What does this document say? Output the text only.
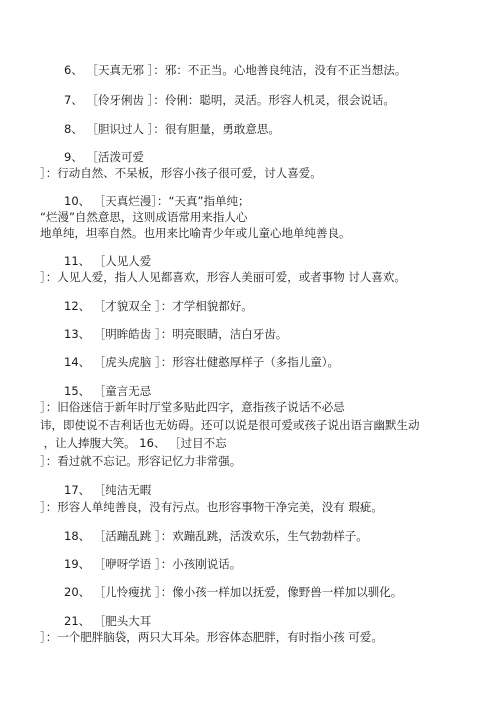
6、 ［天真无邪 ］：邪：不正当。心地善良纯洁，没有不正当想法。
7、 ［伶牙俐齿 ］：伶俐：聪明，灵活。形容人机灵，很会说话。
8、 ［胆识过人 ］：很有胆量，勇敢意思。
9、 ［活泼可爱
］：行动自然、不呆板，形容小孩子很可爱，讨人喜爱。
10、 ［天真烂漫］：“天真”指单纯；
“烂漫”自然意思，这则成语常用来指人心
地单纯，坦率自然。也用来比喻青少年或儿童心地单纯善良。
11、 ［人见人爱
］：人见人爱，指人人见都喜欢，形容人美丽可爱，或者事物 讨人喜欢。
12、 ［才貌双全 ］：才学相貌都好。
13、 ［明眸皓齿 ］：明亮眼睛，洁白牙齿。
14、 ［虎头虎脑 ］：形容壮健憨厚样子（多指儿童）。
15、 ［童言无忌
］：旧俗迷信于新年时厅堂多贴此四字，意指孩子说话不必忌
讳，即使说不吉利话也无妨碍。还可以说是很可爱或孩子说出语言幽默生动
，让人捧腹大笑。 16、 ［过目不忘
］：看过就不忘记。形容记忆力非常强。
17、 ［纯洁无暇
］：形容人单纯善良，没有污点。也形容事物干净完美，没有 瑕疵。
18、 ［活蹦乱跳 ］：欢蹦乱跳，活泼欢乐，生气勃勃样子。
19、 ［咿呀学语 ］：小孩刚说话。
20、 ［儿怜瘦扰 ］：像小孩一样加以抚爱，像野兽一样加以驯化。
21、 ［肥头大耳
］：一个肥胖脑袋，两只大耳朵。形容体态肥胖，有时指小孩 可爱。
